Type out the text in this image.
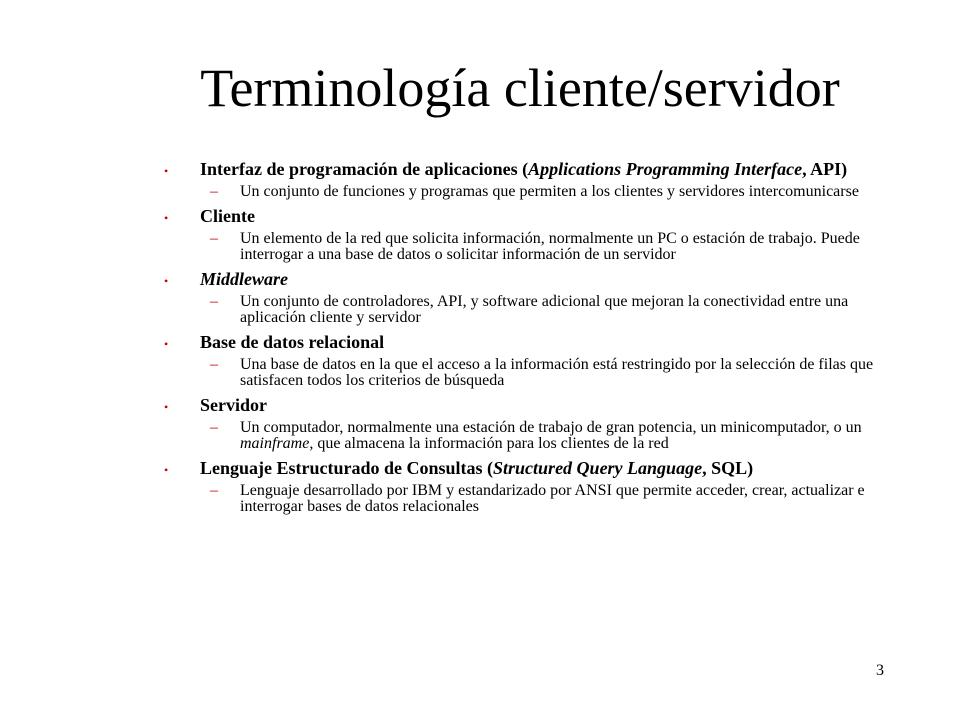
Terminología cliente/servidor
• Interfaz de programación de aplicaciones (Applications Programming Interface, API)
– Un conjunto de funciones y programas que permiten a los clientes y servidores intercomunicarse
• Cliente
– Un elemento de la red que solicita información, normalmente un PC o estación de trabajo. Puede interrogar a una base de datos o solicitar información de un servidor
• Middleware
– Un conjunto de controladores, API, y software adicional que mejoran la conectividad entre una aplicación cliente y servidor
• Base de datos relacional
– Una base de datos en la que el acceso a la información está restringido por la selección de filas que satisfacen todos los criterios de búsqueda
• Servidor
– Un computador, normalmente una estación de trabajo de gran potencia, un minicomputador, o un mainframe, que almacena la información para los clientes de la red
• Lenguaje Estructurado de Consultas (Structured Query Language, SQL)
– Lenguaje desarrollado por IBM y estandarizado por ANSI que permite acceder, crear, actualizar e interrogar bases de datos relacionales
3
